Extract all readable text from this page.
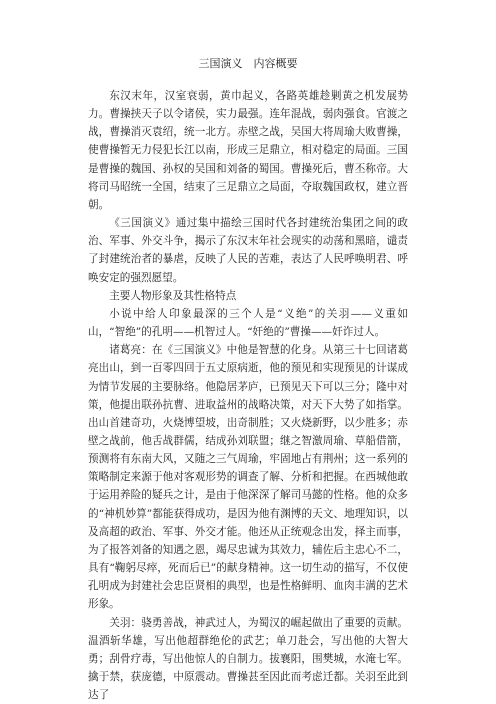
三国演义　内容概要

东汉末年，汉室衰弱，黄巾起义，各路英雄趁剿黄之机发展势力。曹操挟天子以令诸侯，实力最强。连年混战，弱肉强食。官渡之战，曹操消灭袁绍，统一北方。赤壁之战，吴国大将周瑜大败曹操，使曹操暂无力侵犯长江以南，形成三足鼎立，相对稳定的局面。三国是曹操的魏国、孙权的吴国和刘备的蜀国。曹操死后，曹丕称帝。大将司马昭统一全国，结束了三足鼎立之局面，夺取魏国政权，建立晋朝。

《三国演义》通过集中描绘三国时代各封建统治集团之间的政治、军事、外交斗争，揭示了东汉末年社会现实的动荡和黑暗，谴责了封建统治者的暴虐，反映了人民的苦难，表达了人民呼唤明君、呼唤安定的强烈愿望。

主要人物形象及其性格特点

小说中给人印象最深的三个人是“义绝”的关羽——义重如山，“智绝”的孔明——机智过人。“奸绝的”曹操——奸诈过人。

诸葛亮：在《三国演义》中他是智慧的化身。从第三十七回诸葛亮出山，到一百零四回于五丈原病逝，他的预见和实现预见的计谋成为情节发展的主要脉络。他隐居茅庐，已预见天下可以三分；隆中对策，他提出联孙抗曹、进取益州的战略决策，对天下大势了如指掌。出山首建奇功，火烧博望坡，出奇制胜；又火烧新野，以少胜多；赤壁之战前，他舌战群儒，结成孙刘联盟；继之智激周瑜、草船借箭，预测将有东南大风，又随之三气周瑜，牢固地占有荆州；这一系列的策略制定来源于他对客观形势的调查了解、分析和把握。在西城他敢于运用养险的疑兵之计，是由于他深深了解司马懿的性格。他的众多的“神机妙算”都能获得成功，是因为他有渊博的天文、地理知识，以及高超的政治、军事、外交才能。他还从正统观念出发，择主而事，为了报答刘备的知遇之恩，竭尽忠诚为其效力，辅佐后主忠心不二，具有“鞠躬尽瘁，死而后已”的献身精神。这一切生动的描写，不仅使孔明成为封建社会忠臣贤相的典型，也是性格鲜明、血肉丰满的艺术形象。

关羽：骁勇善战，神武过人，为蜀汉的崛起做出了重要的贡献。温酒斩华雄，写出他超群绝伦的武艺；单刀赴会，写出他的大智大勇；刮骨疗毒，写出他惊人的自制力。拔襄阳，围樊城，水淹七军。擒于禁，获庞德，中原震动。曹操甚至因此而考虑迁都。关羽至此到达了
